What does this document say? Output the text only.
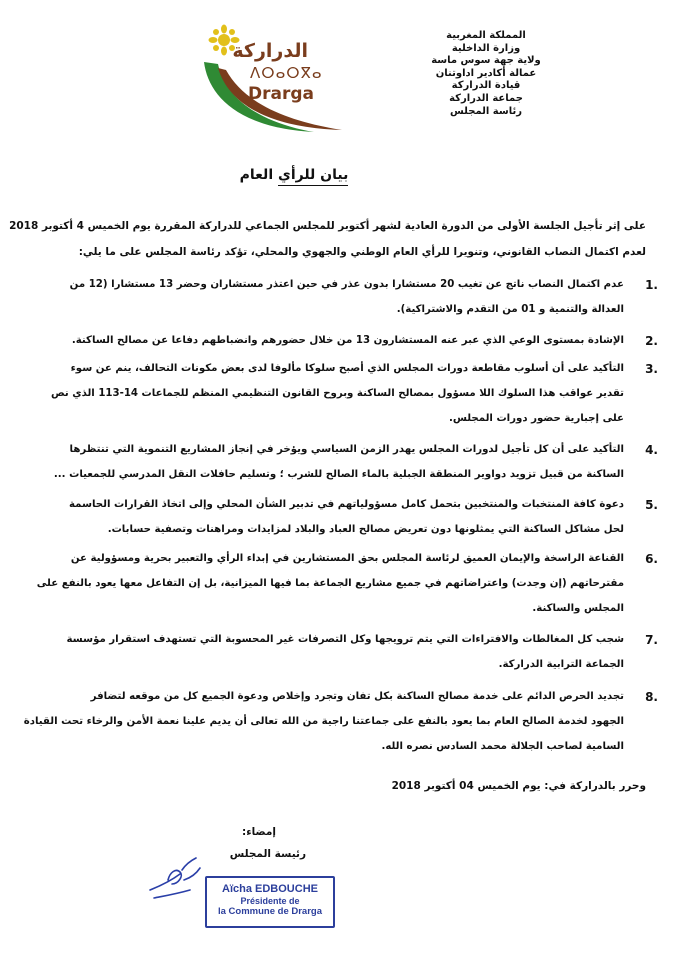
المملكة المغربية
وزارة الداخلية
ولاية جهة سوس ماسة
عمالة أكادير اداوتنان
قيادة الدراركة
جماعة الدراركة
رئاسة المجلس
الدراركة
ⴷⵔⴰⵔⴳⴰ
Drarga
بيان للرأي العام
على إثر تأجيل الجلسة الأولى من الدورة العادية لشهر أكتوبر للمجلس الجماعي للدراركة المقررة يوم الخميس 4 أكتوبر 2018
لعدم اكتمال النصاب القانوني، وتنويرا للرأي العام الوطني والجهوي والمحلي، تؤكد رئاسة المجلس على ما يلي:
1.
عدم اكتمال النصاب ناتج عن تغيب 20 مستشارا بدون عذر في حين اعتذر مستشاران وحضر 13 مستشارا (12 من
العدالة والتنمية و 01 من التقدم والاشتراكية).
2.
الإشادة بمستوى الوعي الذي عبر عنه المستشارون 13 من خلال حضورهم وانضباطهم دفاعا عن مصالح الساكنة.
3.
التأكيد على أن أسلوب مقاطعة دورات المجلس الذي أصبح سلوكا مألوفا لدى بعض مكونات التحالف، ينم عن سوء
تقدير عواقب هذا السلوك اللا مسؤول بمصالح الساكنة وبروح القانون التنظيمي المنظم للجماعات 14-113 الذي نص
على إجبارية حضور دورات المجلس.
4.
التأكيد على أن كل تأجيل لدورات المجلس يهدر الزمن السياسي ويؤخر في إنجاز المشاريع التنموية التي تنتظرها
الساكنة من قبيل تزويد دواوير المنطقة الجبلية بالماء الصالح للشرب ؛ وتسليم حافلات النقل المدرسي للجمعيات ...
5.
دعوة كافة المنتخبات والمنتخبين بتحمل كامل مسؤولياتهم في تدبير الشأن المحلي وإلى اتخاذ القرارات الحاسمة
لحل مشاكل الساكنة التي يمثلونها دون تعريض مصالح العباد والبلاد لمزايدات ومراهنات وتصفية حسابات.
6.
القناعة الراسخة والإيمان العميق لرئاسة المجلس بحق المستشارين في إبداء الرأي والتعبير بحرية ومسؤولية عن
مقترحاتهم (إن وجدت) واعتراضاتهم في جميع مشاريع الجماعة بما فيها الميزانية، بل إن التفاعل معها يعود بالنفع على
المجلس والساكنة.
7.
شجب كل المغالطات والافتراءات التي يتم ترويجها وكل التصرفات غير المحسوبة التي تستهدف استقرار مؤسسة
الجماعة الترابية الدراركة.
8.
تجديد الحرص الدائم على خدمة مصالح الساكنة بكل تفان وتجرد وإخلاص ودعوة الجميع كل من موقعه لتضافر
الجهود لخدمة الصالح العام بما يعود بالنفع على جماعتنا راجية من الله تعالى أن يديم علينا نعمة الأمن والرخاء تحت القيادة
السامية لصاحب الجلالة محمد السادس نصره الله.
وحرر بالدراركة في: يوم الخميس 04 أكتوبر 2018
إمضاء:
رئيسة المجلس
Aïcha EDBOUCHE
Présidente de
la Commune de Drarga
